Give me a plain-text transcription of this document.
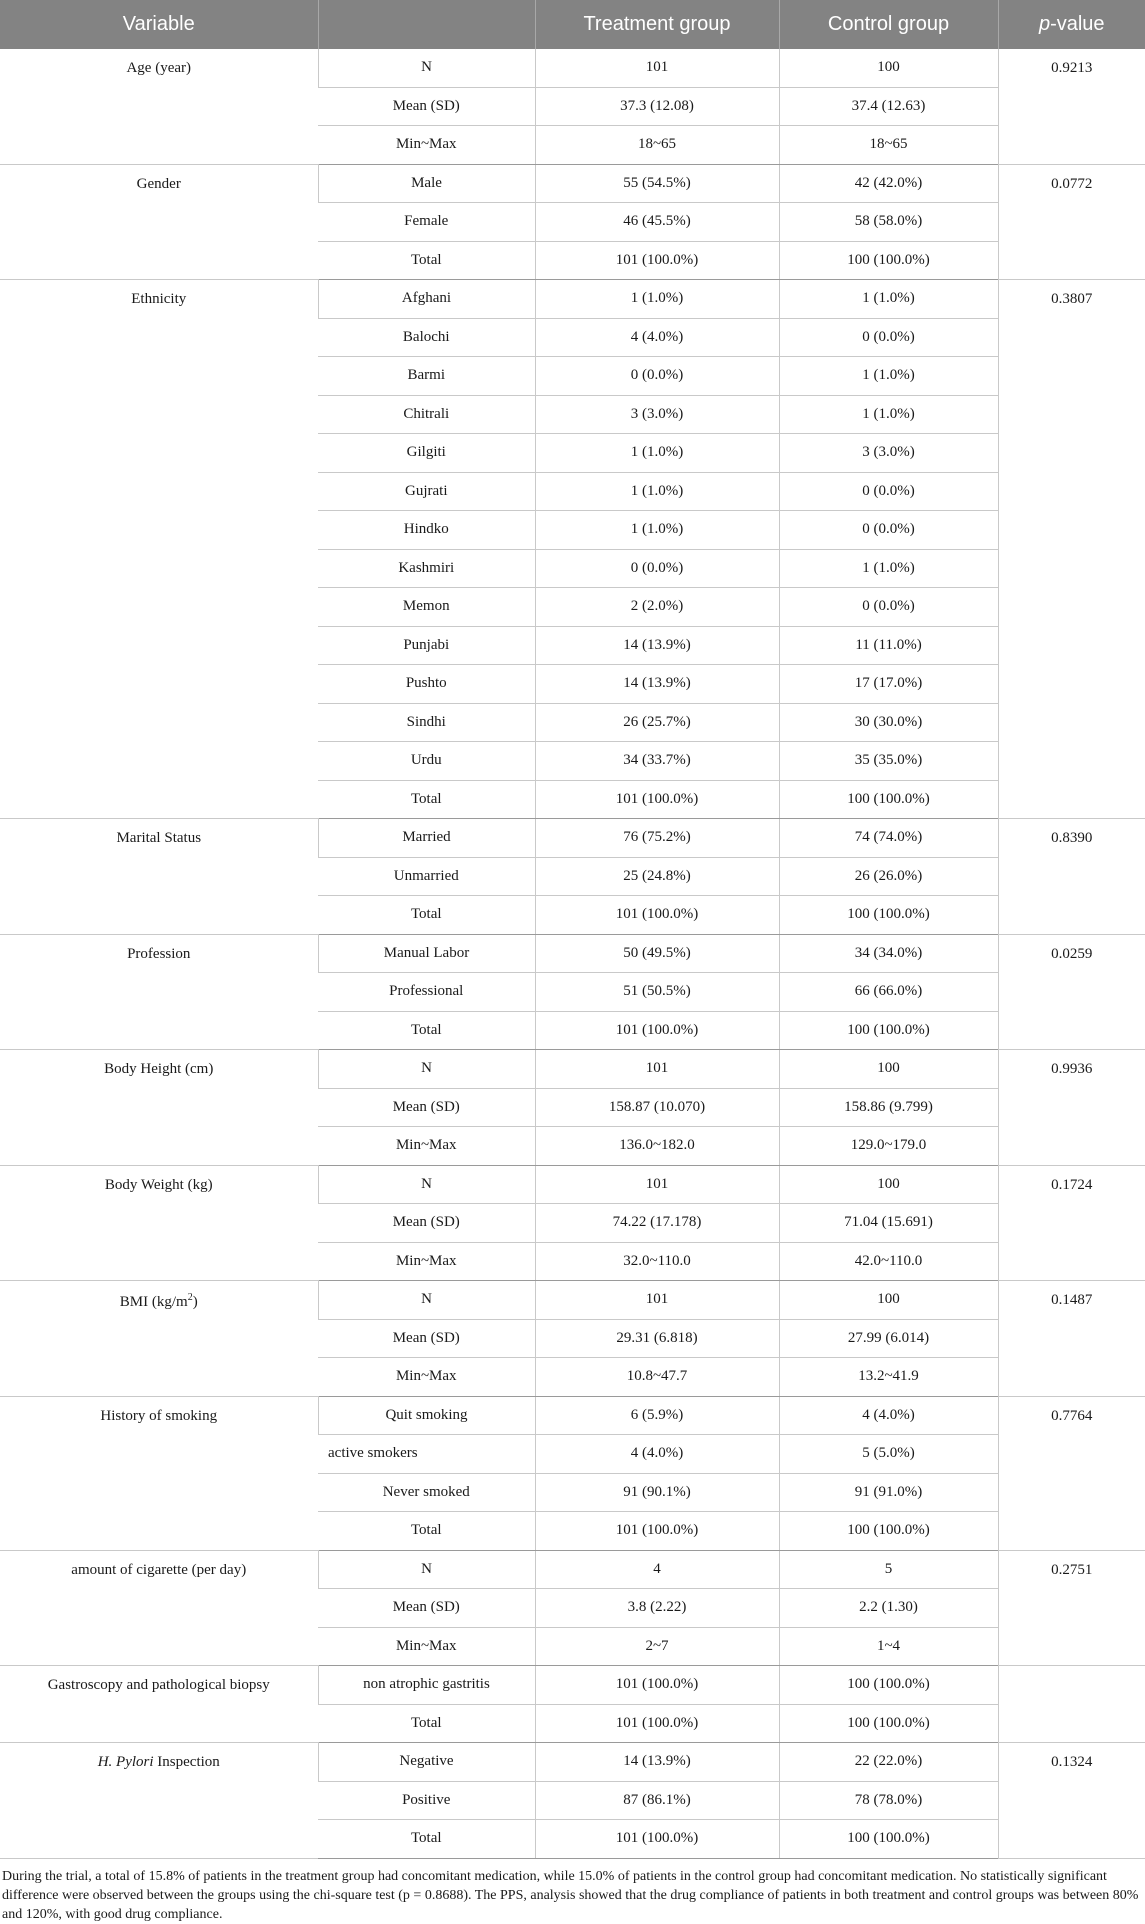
Variable		Treatment group	Control group	p-value
Age (year)	N	101	100	0.9213
	Mean (SD)	37.3 (12.08)	37.4 (12.63)	
	Min~Max	18~65	18~65	
Gender	Male	55 (54.5%)	42 (42.0%)	0.0772
	Female	46 (45.5%)	58 (58.0%)	
	Total	101 (100.0%)	100 (100.0%)	
Ethnicity	Afghani	1 (1.0%)	1 (1.0%)	0.3807
	Balochi	4 (4.0%)	0 (0.0%)	
	Barmi	0 (0.0%)	1 (1.0%)	
	Chitrali	3 (3.0%)	1 (1.0%)	
	Gilgiti	1 (1.0%)	3 (3.0%)	
	Gujrati	1 (1.0%)	0 (0.0%)	
	Hindko	1 (1.0%)	0 (0.0%)	
	Kashmiri	0 (0.0%)	1 (1.0%)	
	Memon	2 (2.0%)	0 (0.0%)	
	Punjabi	14 (13.9%)	11 (11.0%)	
	Pushto	14 (13.9%)	17 (17.0%)	
	Sindhi	26 (25.7%)	30 (30.0%)	
	Urdu	34 (33.7%)	35 (35.0%)	
	Total	101 (100.0%)	100 (100.0%)	
Marital Status	Married	76 (75.2%)	74 (74.0%)	0.8390
	Unmarried	25 (24.8%)	26 (26.0%)	
	Total	101 (100.0%)	100 (100.0%)	
Profession	Manual Labor	50 (49.5%)	34 (34.0%)	0.0259
	Professional	51 (50.5%)	66 (66.0%)	
	Total	101 (100.0%)	100 (100.0%)	
Body Height (cm)	N	101	100	0.9936
	Mean (SD)	158.87 (10.070)	158.86 (9.799)	
	Min~Max	136.0~182.0	129.0~179.0	
Body Weight (kg)	N	101	100	0.1724
	Mean (SD)	74.22 (17.178)	71.04 (15.691)	
	Min~Max	32.0~110.0	42.0~110.0	
BMI $(kg/m^2)$	N	101	100	0.1487
	Mean (SD)	29.31 (6.818)	27.99 (6.014)	
	Min~Max	10.8~47.7	13.2~41.9	
History of smoking	Quit smoking	6 (5.9%)	4 (4.0%)	0.7764
	active smokers	4 (4.0%)	5 (5.0%)	
	Never smoked	91 (90.1%)	91 (91.0%)	
	Total	101 (100.0%)	100 (100.0%)	
amount of cigarette (per day)	N	4	5	0.2751
	Mean (SD)	3.8 (2.22)	2.2 (1.30)	
	Min~Max	2~7	1~4	
Gastroscopy and pathological biopsy	non atrophic gastritis	101 (100.0%)	100 (100.0%)	
	Total	101 (100.0%)	100 (100.0%)	
H. Pylori Inspection	Negative	14 (13.9%)	22 (22.0%)	0.1324
	Positive	87 (86.1%)	78 (78.0%)	
	Total	101 (100.0%)	100 (100.0%)	

During the trial, a total of 15.8% of patients in the treatment group had concomitant medication, while 15.0% of patients in the control group had concomitant medication. No statistically significant difference were observed between the groups using the chi-square test (p = 0.8688). The PPS, analysis showed that the drug compliance of patients in both treatment and control groups was between 80% and 120%, with good drug compliance.
